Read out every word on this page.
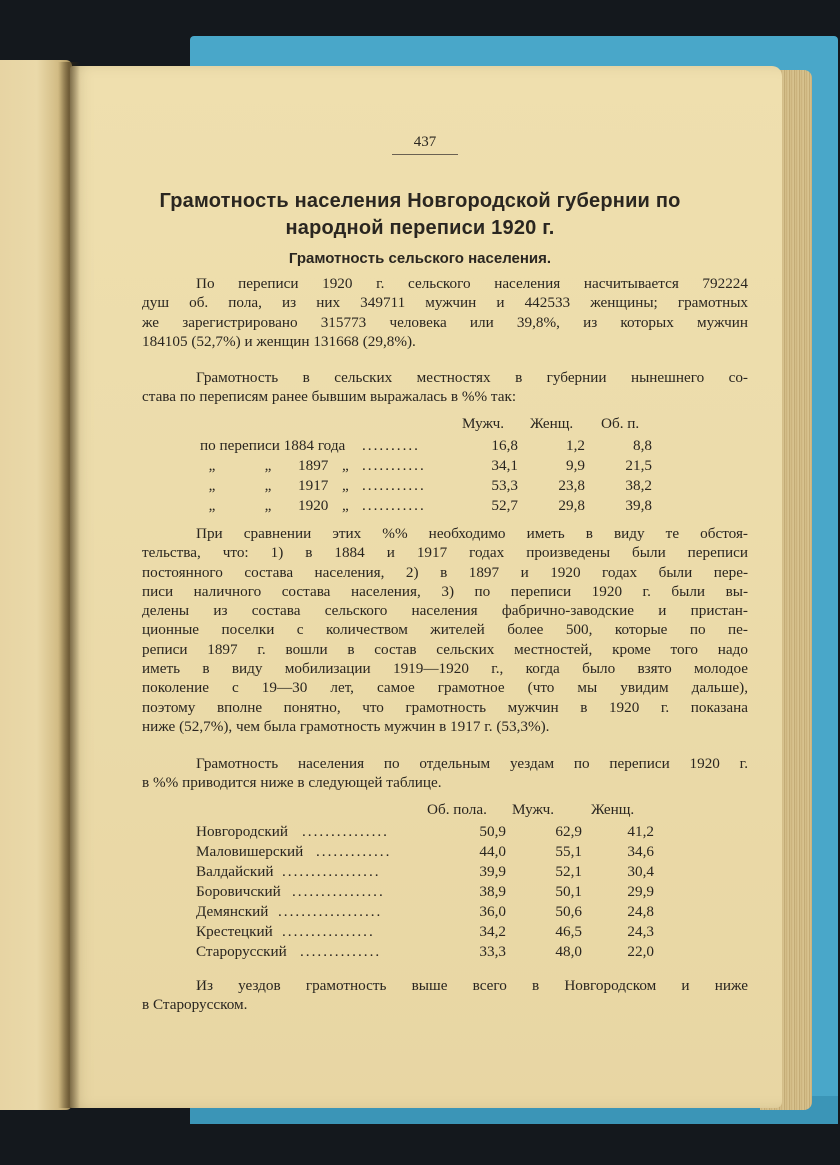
437
Грамотность населения Новгородской губернии по
народной переписи 1920 г.
Грамотность сельского населения.
По переписи 1920 г. сельского населения насчитывается 792224
душ об. пола, из них 349711 мужчин и 442533 женщины; грамотных
же зарегистрировано 315773 человека или 39,8%, из которых мужчин
184105 (52,7%) и женщин 131668 (29,8%).
Грамотность в сельских местностях в губернии нынешнего со-
става по переписям ранее бывшим выражалась в %% так:
Мужч. Женщ. Об. п.
по переписи 1884 года ..........	16,8	1,2	8,8
„	„	1897 „ ...........	34,1	9,9	21,5
„	„	1917 „ ...........	53,3	23,8	38,2
„	„	1920 „ ...........	52,7	29,8	39,8
При сравнении этих %% необходимо иметь в виду те обстоя-
тельства, что: 1) в 1884 и 1917 годах произведены были переписи
постоянного состава населения, 2) в 1897 и 1920 годах были пере-
писи наличного состава населения, 3) по переписи 1920 г. были вы-
делены из состава сельского населения фабрично-заводские и пристан-
ционные поселки с количеством жителей более 500, которые по пе-
реписи 1897 г. вошли в состав сельских местностей, кроме того надо
иметь в виду мобилизации 1919—1920 г., когда было взято молодое
поколение с 19—30 лет, самое грамотное (что мы увидим дальше),
поэтому вполне понятно, что грамотность мужчин в 1920 г. показана
ниже (52,7%), чем была грамотность мужчин в 1917 г. (53,3%).
Грамотность населения по отдельным уездам по переписи 1920 г.
в %% приводится ниже в следующей таблице.
Об. пола. Мужч. Женщ.
Новгородский ...............	50,9	62,9	41,2
Маловишерский .............	44,0	55,1	34,6
Валдайский .................	39,9	52,1	30,4
Боровичский ................	38,9	50,1	29,9
Демянский ..................	36,0	50,6	24,8
Крестецкий ................	34,2	46,5	24,3
Старорусский ..............	33,3	48,0	22,0
Из уездов грамотность выше всего в Новгородском и ниже
в Старорусском.
